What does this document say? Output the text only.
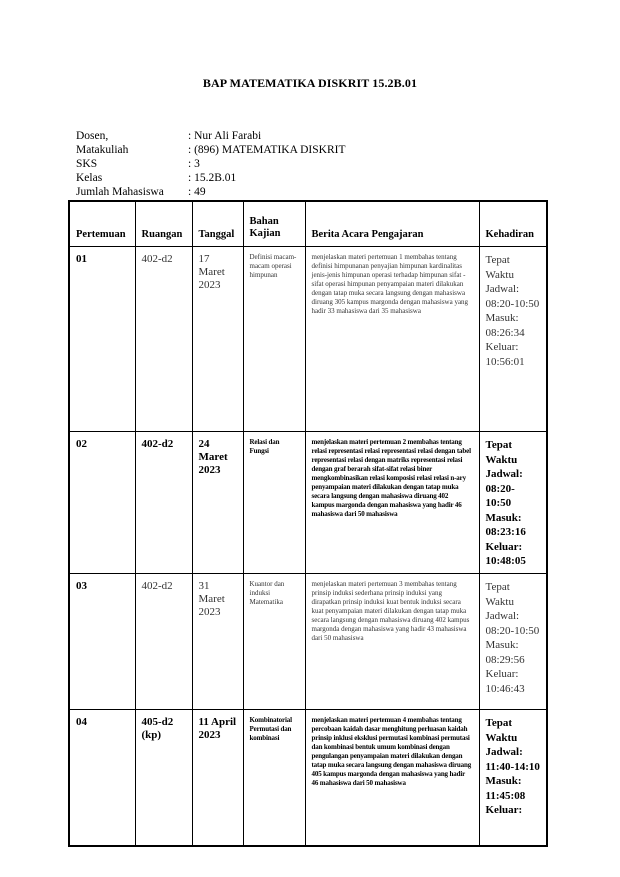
BAP MATEMATIKA DISKRIT 15.2B.01
Dosen,	: Nur Ali Farabi
Matakuliah	: (896) MATEMATIKA DISKRIT
SKS	: 3
Kelas	: 15.2B.01
Jumlah Mahasiswa	: 49
Pertemuan	Ruangan	Tanggal	Bahan Kajian	Berita Acara Pengajaran	Kehadiran

01	402-d2	17 Maret 2023	Definisi macam-macam operasi himpunan	menjelaskan materi pertemuan 1 membahas tentang definisi himpunanan penyajian himpunan kardinalitas jenis-jenis himpunan operasi terhadap himpunan sifat -sifat operasi himpunan penyampaian materi dilakukan dengan tatap muka secara langsung dengan mahasiswa diruang 305 kampus margonda dengan mahasiswa yang hadir 33 mahasiswa dari 35 mahasiswa	Tepat Waktu Jadwal: 08:20-10:50 Masuk: 08:26:34 Keluar: 10:56:01

02	402-d2	24 Maret 2023	Relasi dan Fungsi	menjelaskan materi pertemuan 2 membahas tentang relasi representasi relasi representasi relasi dengan tabel representasi relasi dengan matriks representasi relasi dengan graf berarah sifat-sifat relasi biner mengkombinasikan relasi komposisi relasi relasi n-ary penyampaian materi dilakukan dengan tatap muka secara langsung dengan mahasiswa diruang 402 kampus margonda dengan mahasiswa yang hadir 46 mahasiswa dari 50 mahasiswa	Tepat Waktu Jadwal: 08:20-10:50 Masuk: 08:23:16 Keluar: 10:48:05

03	402-d2	31 Maret 2023	Kuantor dan induksi Matematika	menjelaskan materi pertemuan 3 membahas tentang prinsip induksi sederhana prinsip induksi yang dirapatkan prinsip induksi kuat bentuk induksi secara kuat penyampaian materi dilakukan dengan tatap muka secara langsung dengan mahasiswa diruang 402 kampus margonda dengan mahasiswa yang hadir 43 mahasiswa dari 50 mahasiswa	Tepat Waktu Jadwal: 08:20-10:50 Masuk: 08:29:56 Keluar: 10:46:43

04	405-d2 (kp)	11 April 2023	Kombinatorial Permutasi dan kombinasi	menjelaskan materi pertemuan 4 membahas tentang percobaan kaidah dasar menghitung perluasan kaidah prinsip inklusi eksklusi permutasi kombinasi permutasi dan kombinasi bentuk umum kombinasi dengan pengulangan penyampaian materi dilakukan dengan tatap muka secara langsung dengan mahasiswa diruang 405 kampus margonda dengan mahasiswa yang hadir 46 mahasiswa dari 50 mahasiswa	Tepat Waktu Jadwal: 11:40-14:10 Masuk: 11:45:08 Keluar:
